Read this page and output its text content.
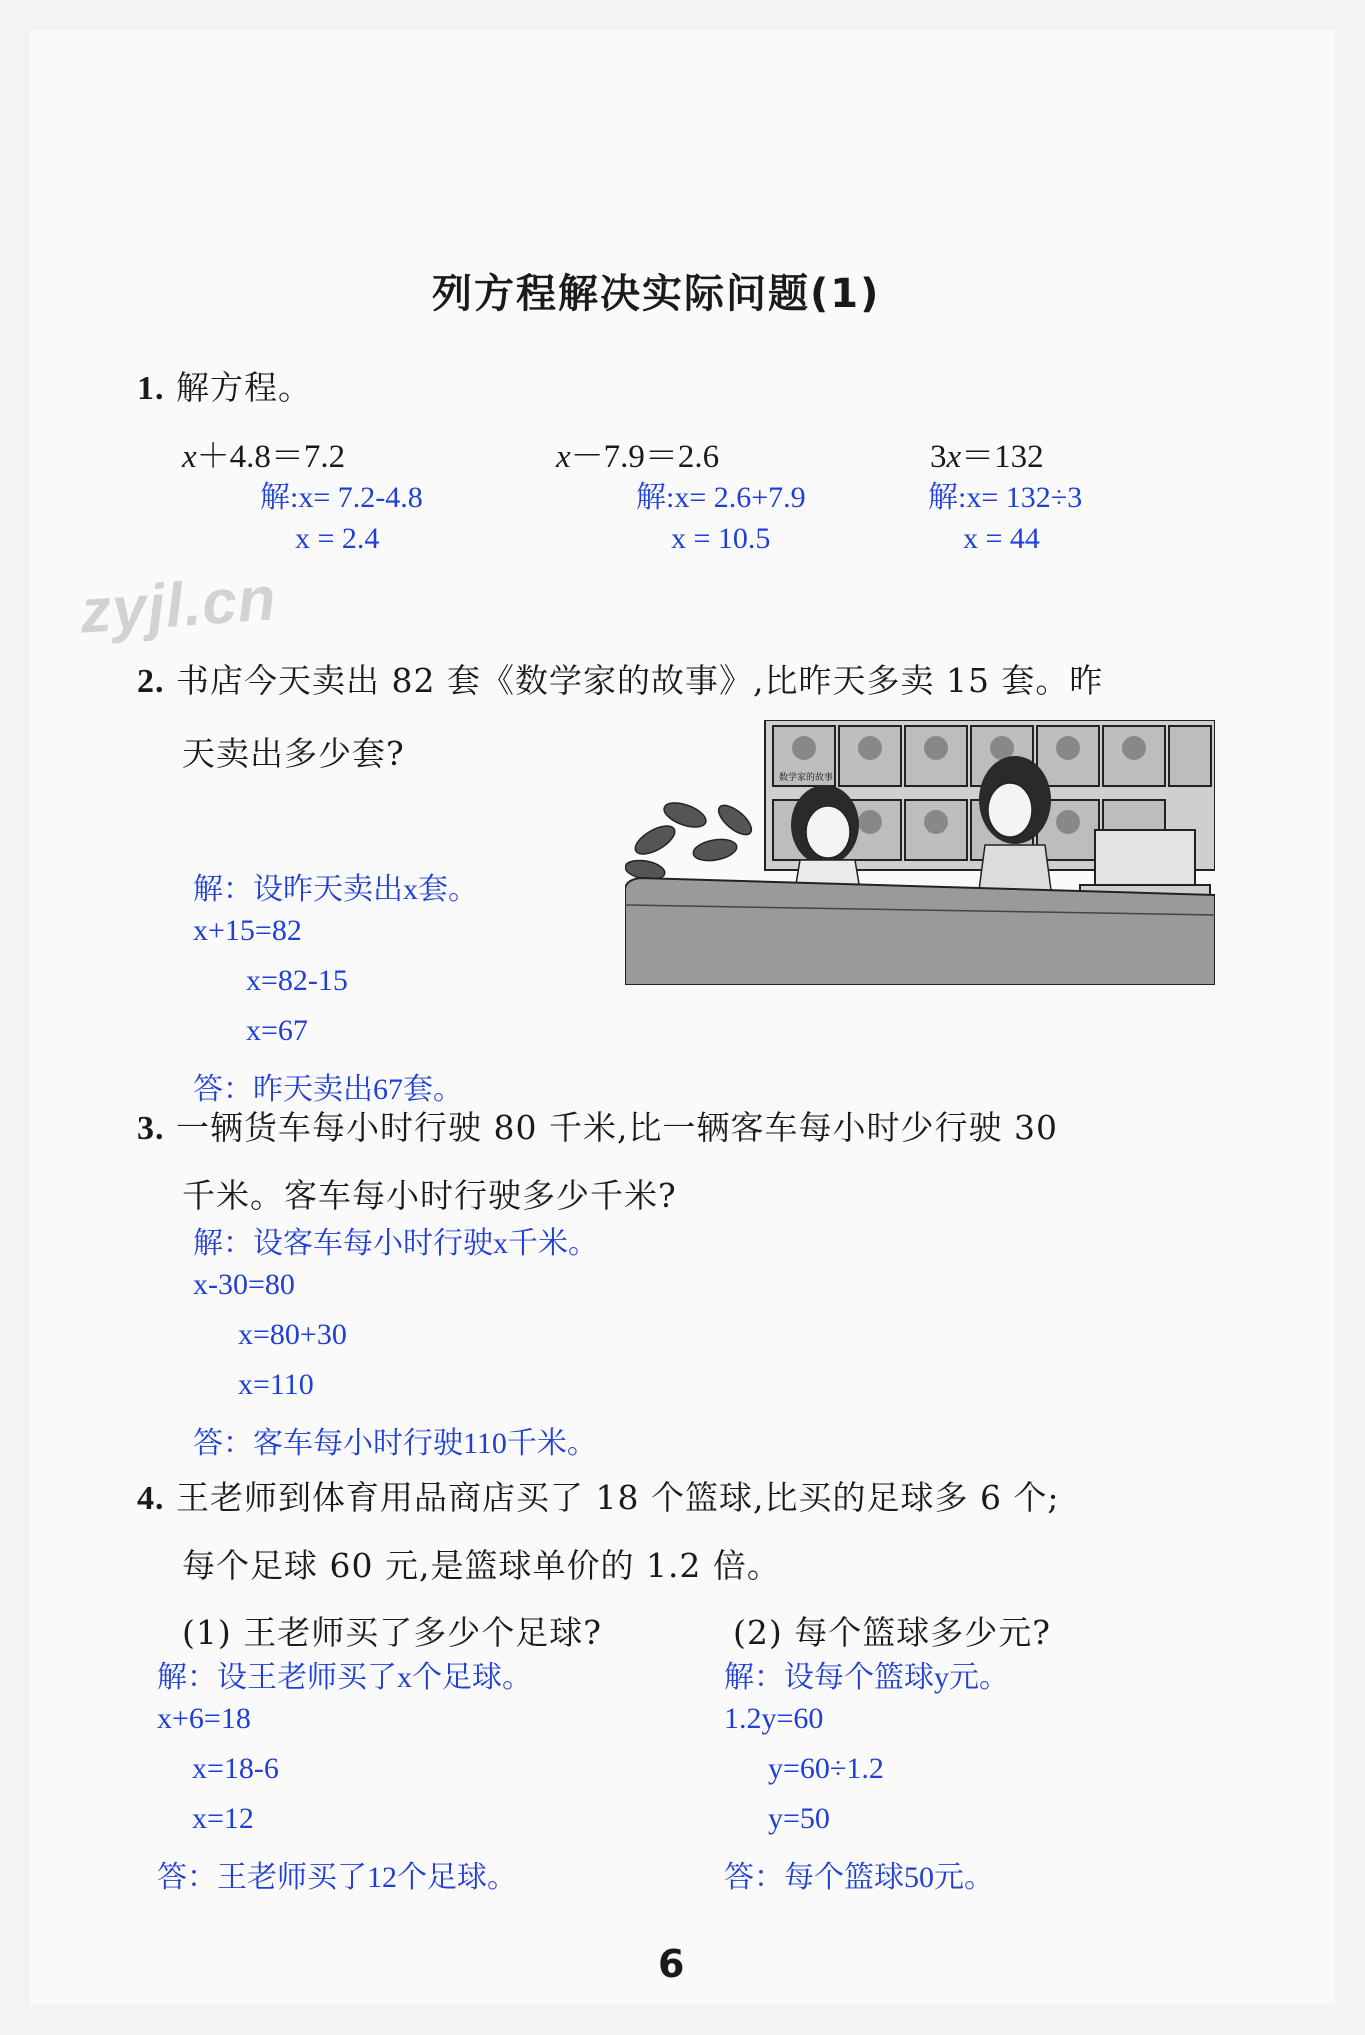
列方程解决实际问题(1)
1. 解方程。
x＋4.8＝7.2	x－7.9＝2.6	3x＝132
解:x= 7.2-4.8
x = 2.4
解:x= 2.6+7.9
x = 10.5
解:x= 132÷3
x = 44
zyjl.cn
2. 书店今天卖出 82 套《数学家的故事》,比昨天多卖 15 套。昨
天卖出多少套?
数学家的故事
解：设昨天卖出x套。
x+15=82
x=82-15
x=67
答：昨天卖出67套。
3. 一辆货车每小时行驶 80 千米,比一辆客车每小时少行驶 30
千米。客车每小时行驶多少千米?
解：设客车每小时行驶x千米。
x-30=80
x=80+30
x=110
答：客车每小时行驶110千米。
4. 王老师到体育用品商店买了 18 个篮球,比买的足球多 6 个;
每个足球 60 元,是篮球单价的 1.2 倍。
(1) 王老师买了多少个足球?	(2) 每个篮球多少元?
解：设王老师买了x个足球。
x+6=18
x=18-6
x=12
答：王老师买了12个足球。
解：设每个篮球y元。
1.2y=60
y=60÷1.2
y=50
答：每个篮球50元。
6
